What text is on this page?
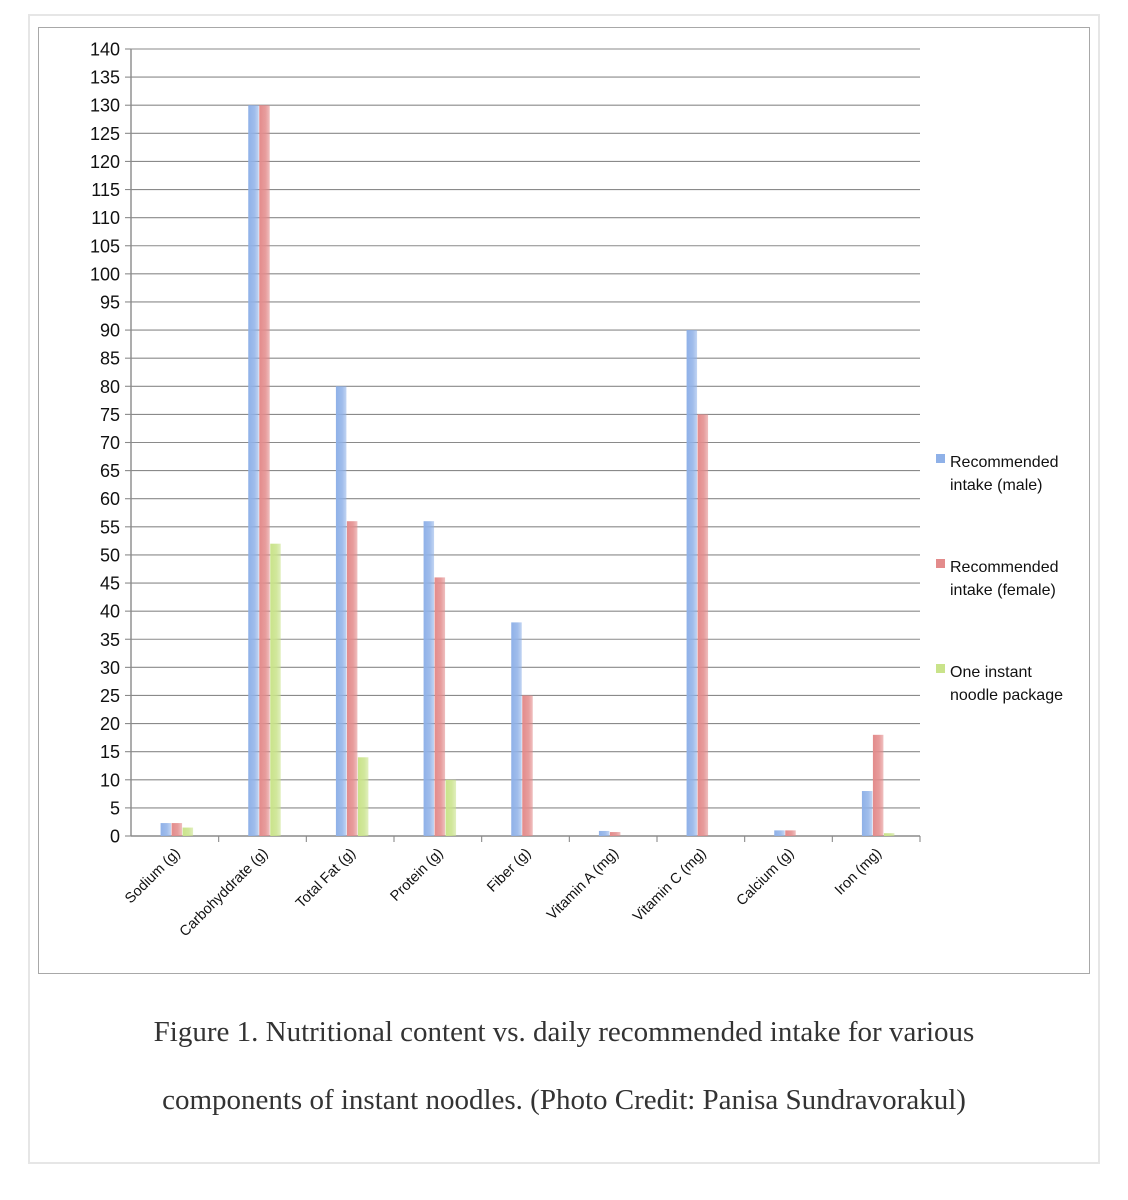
0
5
10
15
20
25
30
35
40
45
50
55
60
65
70
75
80
85
90
95
100
105
110
115
120
125
130
135
140
Sodium (g)
Carbohyddrate (g) Total Fat (g) Protein (g)	Fiber (g) Vitamin A (mg) Vitamin C (mg) Calcium (g) Iron (mg)
Recommended
intake (male)
Recommended
intake (female)
One instant
noodle package
Figure 1. Nutritional content vs. daily recommended intake for various
components of instant noodles. (Photo Credit: Panisa Sundravorakul)
